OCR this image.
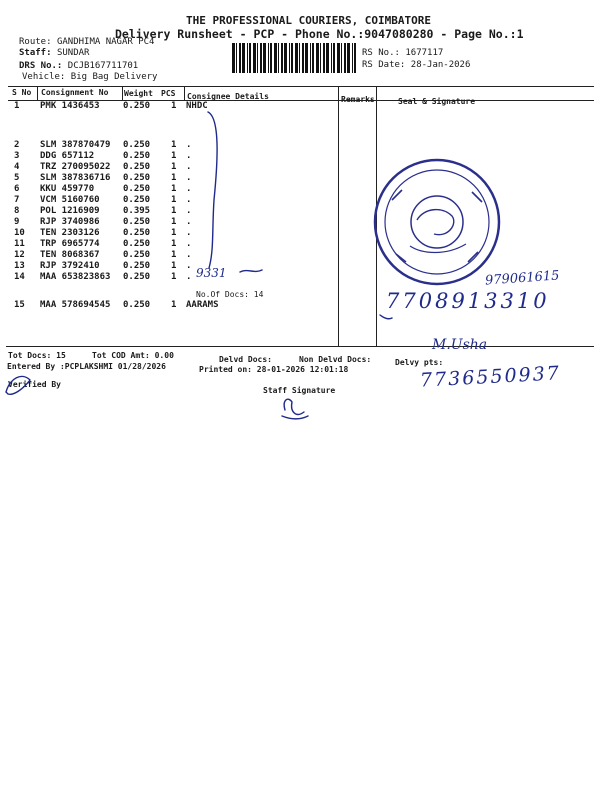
THE PROFESSIONAL COURIERS, COIMBATORE
Delivery Runsheet - PCP - Phone No.:9047080280 - Page No.:1
Route: GANDHIMA NAGAR PC4
Staff: SUNDAR
DRS No.: DCJB167711701
Vehicle: Big Bag Delivery
RS No.: 1677117
RS Date: 28-Jan-2026
S No Consignment No Weight PCS Consignee Details	Remarks	Seal & Signature
1 PMK 1436453	0.250 1 NHDC
2 SLM 387870479 0.250 1 .
3 DDG 657112	0.250 1 .
4 TRZ 270095022 0.250 1 .
5 SLM 387836716 0.250 1 .
6 KKU 459770	0.250 1 .
7 VCM 5160760	0.250 1 .
8 POL 1216909	0.395 1 .
9 RJP 3740986	0.250 1 .
10 TEN 2303126	0.250 1 .
11 TRP 6965774	0.250 1 .
12 TEN 8068367	0.250 1 .
13 RJP 3792410	0.250 1 .
14 MAA 653823863 0.250 1 .
15 MAA 578694545 0.250 1 AARAMS
No.Of Docs: 14
Tot Docs: 15	Tot COD Amt: 0.00	Delvd Docs:	Non Delvd Docs:	Delvy pts:
Entered By :PCPLAKSHMI 01/28/2026	Printed on: 28-01-2026 12:01:18
Verified By
Staff Signature
9331	979061615
7708913310
M.Usha
7736550937
